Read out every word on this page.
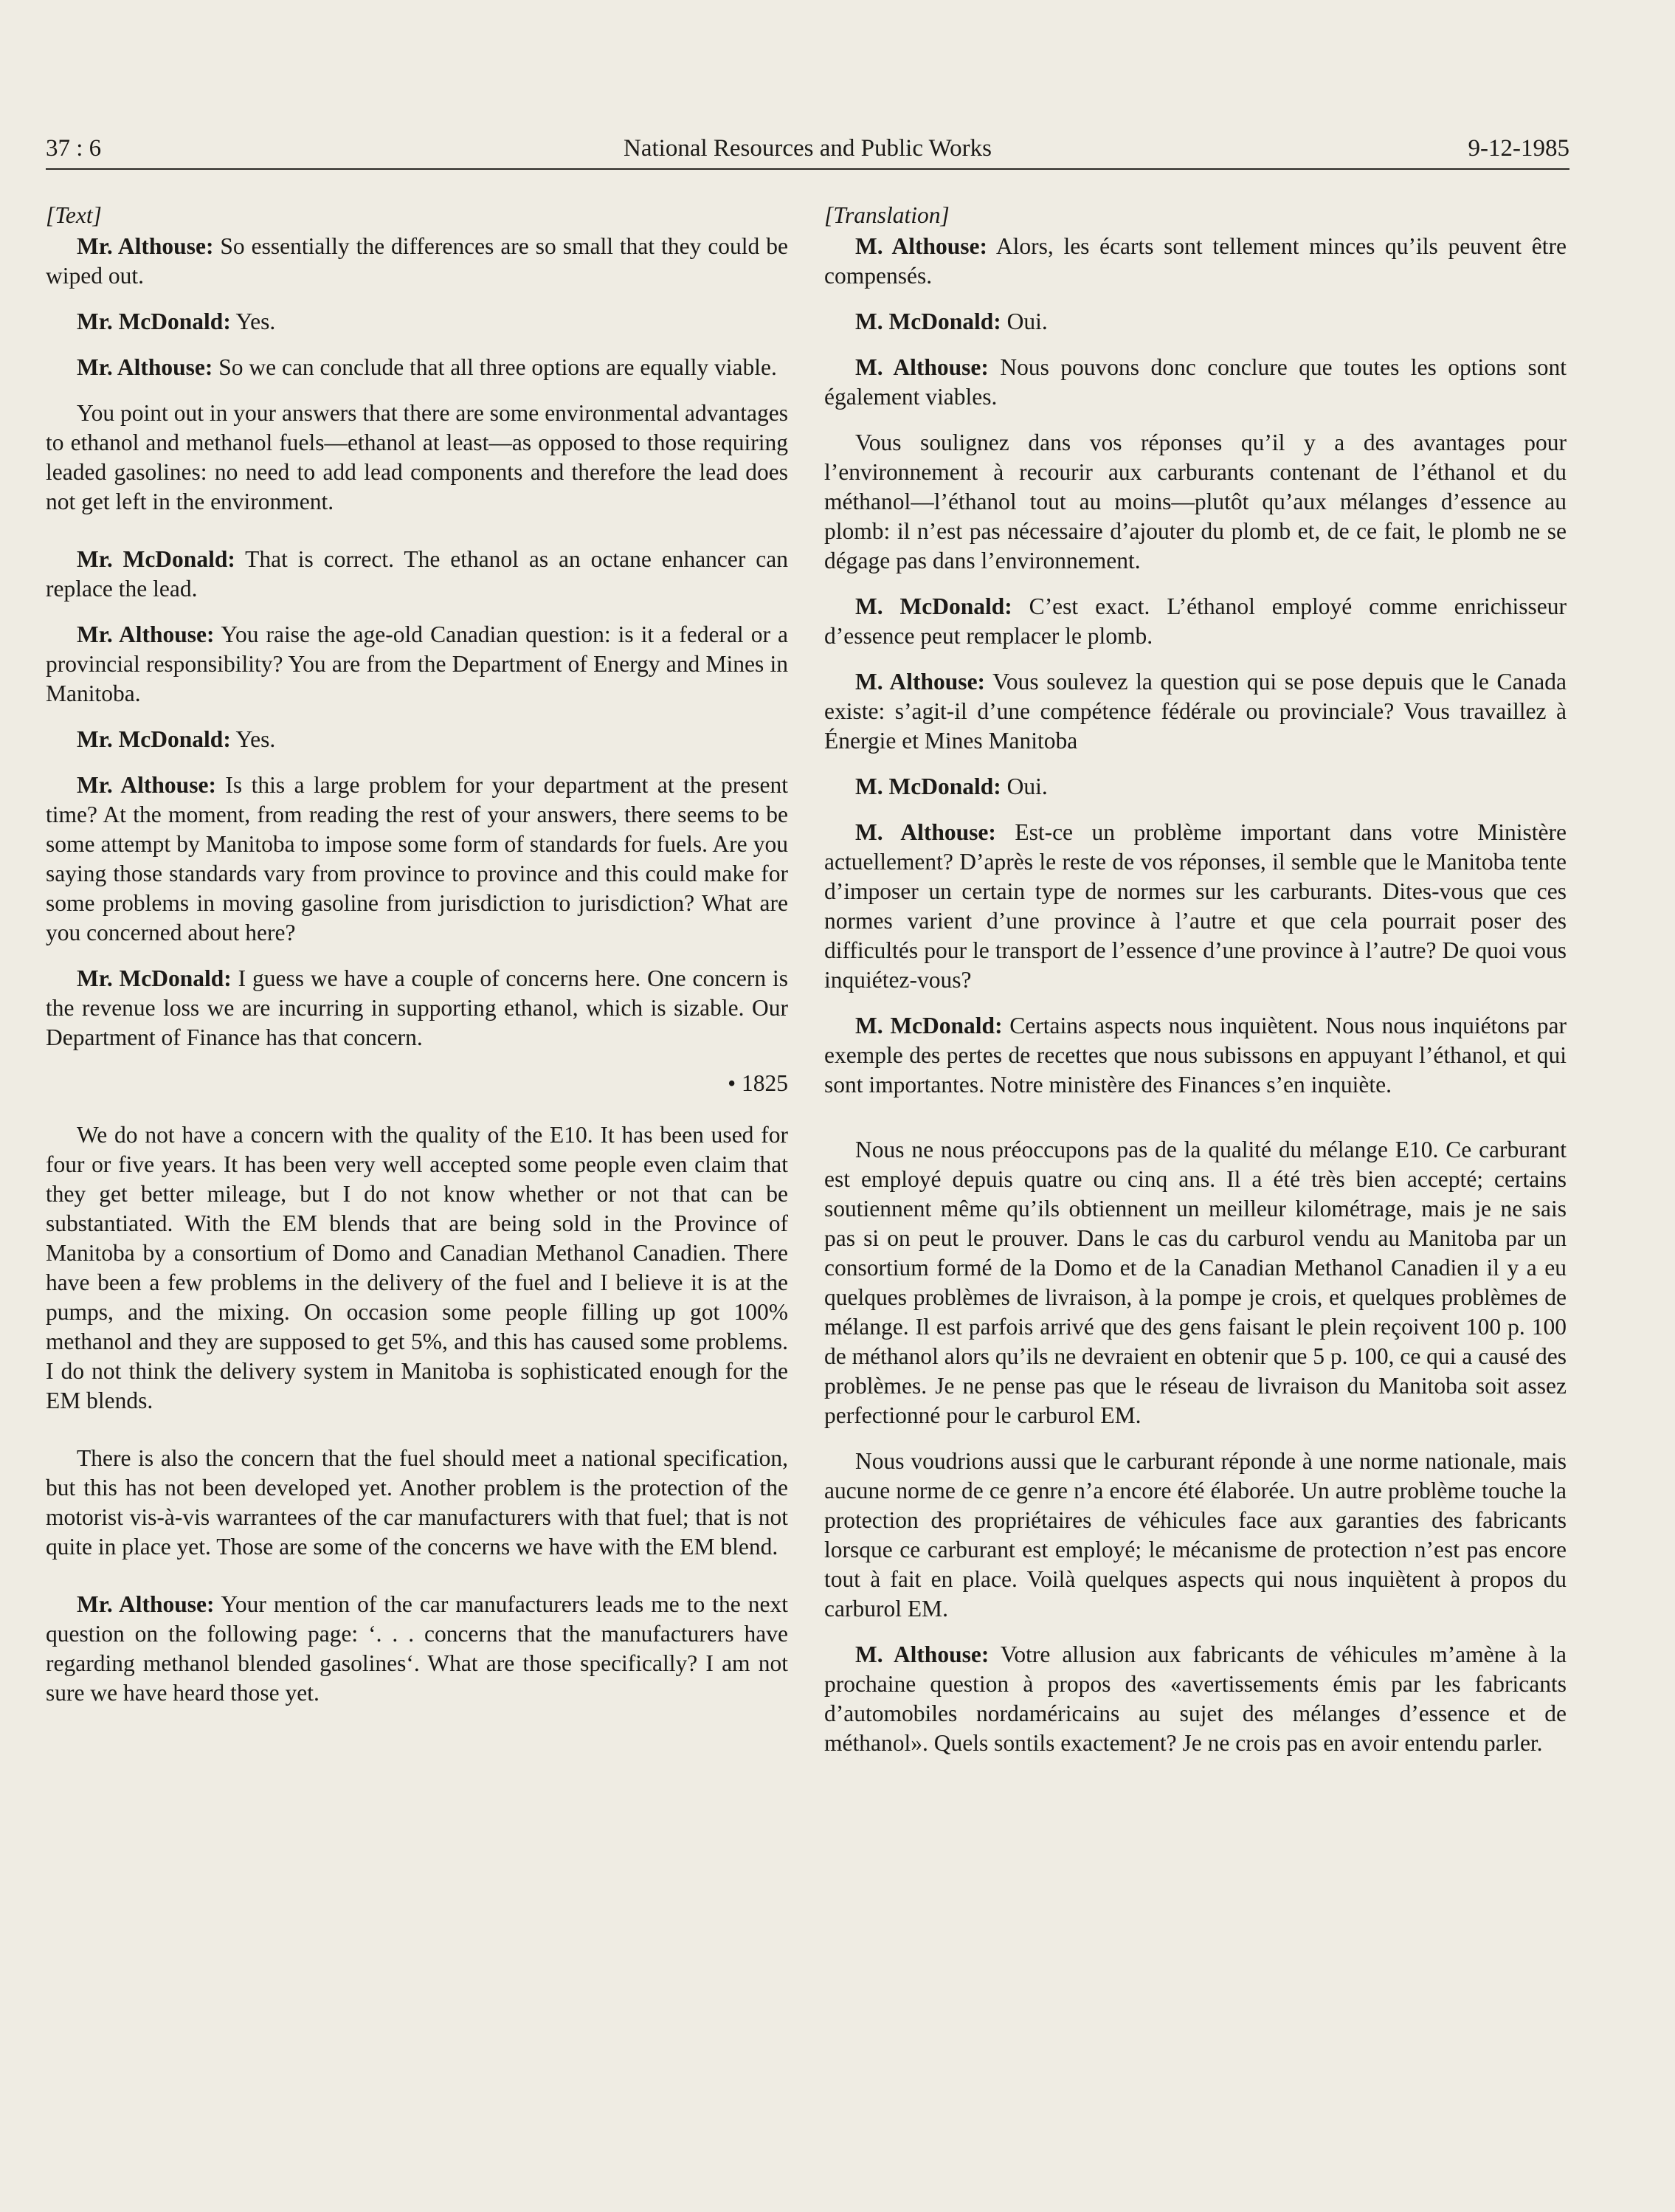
37 : 6	National Resources and Public Works	9-12-1985

[Text]

Mr. Althouse: So essentially the differences are so small that they could be wiped out.

Mr. McDonald: Yes.

Mr. Althouse: So we can conclude that all three options are equally viable.

You point out in your answers that there are some environmental advantages to ethanol and methanol fuels—ethanol at least—as opposed to those requiring leaded gasolines: no need to add lead components and therefore the lead does not get left in the environment.

Mr. McDonald: That is correct. The ethanol as an octane enhancer can replace the lead.

Mr. Althouse: You raise the age-old Canadian question: is it a federal or a provincial responsibility? You are from the Department of Energy and Mines in Manitoba.

Mr. McDonald: Yes.

Mr. Althouse: Is this a large problem for your department at the present time? At the moment, from reading the rest of your answers, there seems to be some attempt by Manitoba to impose some form of standards for fuels. Are you saying those standards vary from province to province and this could make for some problems in moving gasoline from jurisdiction to jurisdiction? What are you concerned about here?

Mr. McDonald: I guess we have a couple of concerns here. One concern is the revenue loss we are incurring in supporting ethanol, which is sizable. Our Department of Finance has that concern.

• 1825

We do not have a concern with the quality of the E10. It has been used for four or five years. It has been very well accepted some people even claim that they get better mileage, but I do not know whether or not that can be substantiated. With the EM blends that are being sold in the Province of Manitoba by a consortium of Domo and Canadian Methanol Canadien. There have been a few problems in the delivery of the fuel and I believe it is at the pumps, and the mixing. On occasion some people filling up got 100% methanol and they are supposed to get 5%, and this has caused some problems. I do not think the delivery system in Manitoba is sophisticated enough for the EM blends.

There is also the concern that the fuel should meet a national specification, but this has not been developed yet. Another problem is the protection of the motorist vis-à-vis warrantees of the car manufacturers with that fuel; that is not quite in place yet. Those are some of the concerns we have with the EM blend.

Mr. Althouse: Your mention of the car manufacturers leads me to the next question on the following page: ‘. . . concerns that the manufacturers have regarding methanol blended gasolines‘. What are those specifically? I am not sure we have heard those yet.

[Translation]

M. Althouse: Alors, les écarts sont tellement minces qu’ils peuvent être compensés.

M. McDonald: Oui.

M. Althouse: Nous pouvons donc conclure que toutes les options sont également viables.

Vous soulignez dans vos réponses qu’il y a des avantages pour l’environnement à recourir aux carburants contenant de l’éthanol et du méthanol—l’éthanol tout au moins—plutôt qu’aux mélanges d’essence au plomb: il n’est pas nécessaire d’ajouter du plomb et, de ce fait, le plomb ne se dégage pas dans l’environnement.

M. McDonald: C’est exact. L’éthanol employé comme enrichisseur d’essence peut remplacer le plomb.

M. Althouse: Vous soulevez la question qui se pose depuis que le Canada existe: s’agit-il d’une compétence fédérale ou provinciale? Vous travaillez à Énergie et Mines Manitoba

M. McDonald: Oui.

M. Althouse: Est-ce un problème important dans votre Ministère actuellement? D’après le reste de vos réponses, il semble que le Manitoba tente d’imposer un certain type de normes sur les carburants. Dites-vous que ces normes varient d’une province à l’autre et que cela pourrait poser des difficultés pour le transport de l’essence d’une province à l’autre? De quoi vous inquiétez-vous?

M. McDonald: Certains aspects nous inquiètent. Nous nous inquiétons par exemple des pertes de recettes que nous subissons en appuyant l’éthanol, et qui sont importantes. Notre ministère des Finances s’en inquiète.

Nous ne nous préoccupons pas de la qualité du mélange E10. Ce carburant est employé depuis quatre ou cinq ans. Il a été très bien accepté; certains soutiennent même qu’ils obtiennent un meilleur kilométrage, mais je ne sais pas si on peut le prouver. Dans le cas du carburol vendu au Manitoba par un consortium formé de la Domo et de la Canadian Methanol Canadien il y a eu quelques problèmes de livraison, à la pompe je crois, et quelques problèmes de mélange. Il est parfois arrivé que des gens faisant le plein reçoivent 100 p. 100 de méthanol alors qu’ils ne devraient en obtenir que 5 p. 100, ce qui a causé des problèmes. Je ne pense pas que le réseau de livraison du Manitoba soit assez perfectionné pour le carburol EM.

Nous voudrions aussi que le carburant réponde à une norme nationale, mais aucune norme de ce genre n’a encore été élaborée. Un autre problème touche la protection des propriétaires de véhicules face aux garanties des fabricants lorsque ce carburant est employé; le mécanisme de protection n’est pas encore tout à fait en place. Voilà quelques aspects qui nous inquiètent à propos du carburol EM.

M. Althouse: Votre allusion aux fabricants de véhicules m’amène à la prochaine question à propos des «avertissements émis par les fabricants d’automobiles nordaméricains au sujet des mélanges d’essence et de méthanol». Quels sontils exactement? Je ne crois pas en avoir entendu parler.
